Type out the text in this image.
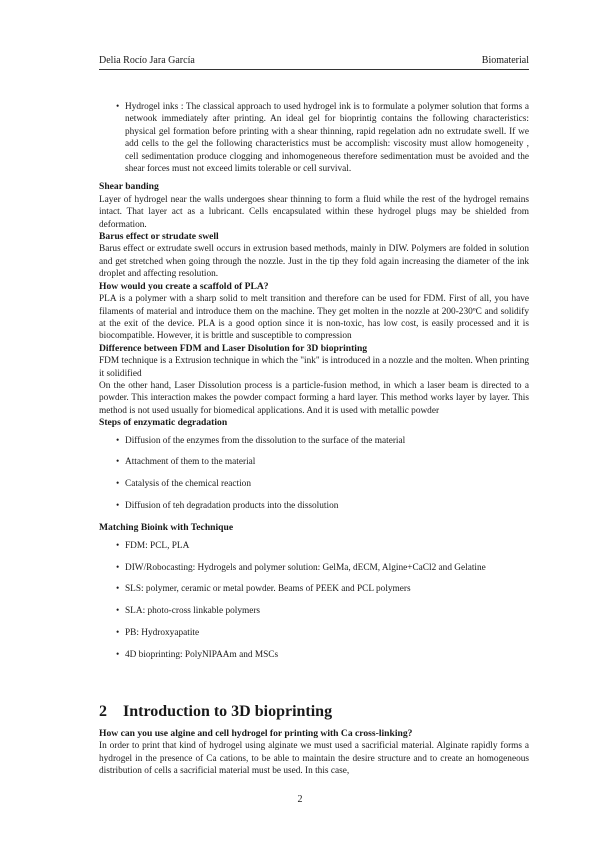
Delia Rocío Jara García	Biomaterial
• Hydrogel inks : The classical approach to used hydrogel ink is to formulate a polymer solution that forms a netwook immediately after printing. An ideal gel for bioprintig contains the following characteristics: physical gel formation before printing with a shear thinning, rapid regelation adn no extrudate swell. If we add cells to the gel the following characteristics must be accomplish: viscosity must allow homogeneity , cell sedimentation produce clogging and inhomogeneous therefore sedimentation must be avoided and the shear forces must not exceed limits tolerable or cell survival.
Shear banding

Layer of hydrogel near the walls undergoes shear thinning to form a fluid while the rest of the hydrogel remains intact. That layer act as a lubricant. Cells encapsulated within these hydrogel plugs may be shielded from deformation.

Barus effect or strudate swell

Barus effect or extrudate swell occurs in extrusion based methods, mainly in DIW. Polymers are folded in solution and get stretched when going through the nozzle. Just in the tip they fold again increasing the diameter of the ink droplet and affecting resolution.

How would you create a scaffold of PLA?

PLA is a polymer with a sharp solid to melt transition and therefore can be used for FDM. First of all, you have filaments of material and introduce them on the machine. They get molten in the nozzle at 200-230ºC and solidify at the exit of the device. PLA is a good option since it is non-toxic, has low cost, is easily processed and it is biocompatible. However, it is brittle and susceptible to compression

Difference between FDM and Laser Disolution for 3D bioprinting

FDM technique is a Extrusion technique in which the "ink" is introduced in a nozzle and the molten. When printing it solidified

On the other hand, Laser Dissolution process is a particle-fusion method, in which a laser beam is directed to a powder. This interaction makes the powder compact forming a hard layer. This method works layer by layer. This method is not used usually for biomedical applications. And it is used with metallic powder

Steps of enzymatic degradation
• Diffusion of the enzymes from the dissolution to the surface of the material
• Attachment of them to the material
• Catalysis of the chemical reaction
• Diffusion of teh degradation products into the dissolution
Matching Bioink with Technique
• FDM: PCL, PLA
• DIW/Robocasting: Hydrogels and polymer solution: GelMa, dECM, Algine+CaCl2 and Gelatine
• SLS: polymer, ceramic or metal powder. Beams of PEEK and PCL polymers
• SLA: photo-cross linkable polymers
• PB: Hydroxyapatite
• 4D bioprinting: PolyNIPAAm and MSCs
2 Introduction to 3D bioprinting
How can you use algine and cell hydrogel for printing with Ca cross-linking?

In order to print that kind of hydrogel using alginate we must used a sacrificial material. Alginate rapidly forms a hydrogel in the presence of Ca cations, to be able to maintain the desire structure and to create an homogeneous distribution of cells a sacrificial material must be used. In this case,

2
